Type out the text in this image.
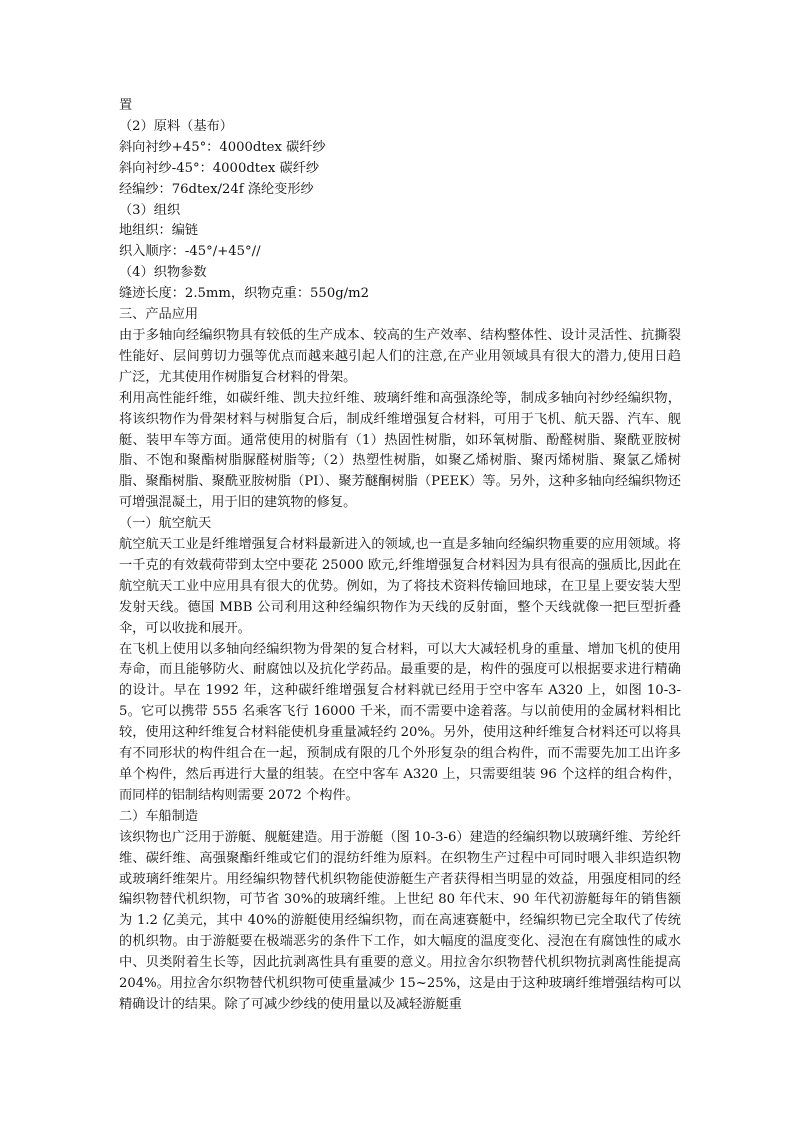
置
（2）原料（基布）
斜向衬纱+45°：4000dtex 碳纤纱
斜向衬纱-45°：4000dtex 碳纤纱
经编纱：76dtex/24f 涤纶变形纱
（3）组织
地组织：编链
织入顺序：-45°/+45°//
（4）织物参数
缝迹长度：2.5mm，织物克重：550g/m2
三、产品应用
由于多轴向经编织物具有较低的生产成本、较高的生产效率、结构整体性、设计灵活性、抗撕裂性能好、层间剪切力强等优点而越来越引起人们的注意,在产业用领域具有很大的潜力,使用日趋广泛，尤其使用作树脂复合材料的骨架。
利用高性能纤维，如碳纤维、凯夫拉纤维、玻璃纤维和高强涤纶等，制成多轴向衬纱经编织物，将该织物作为骨架材料与树脂复合后，制成纤维增强复合材料，可用于飞机、航天器、汽车、舰艇、装甲车等方面。通常使用的树脂有（1）热固性树脂，如环氧树脂、酚醛树脂、聚酰亚胺树脂、不饱和聚酯树脂脲醛树脂等;（2）热塑性树脂，如聚乙烯树脂、聚丙烯树脂、聚氯乙烯树脂、聚酯树脂、聚酰亚胺树脂（PI）、聚芳醚酮树脂（PEEK）等。另外，这种多轴向经编织物还可增强混凝土，用于旧的建筑物的修复。
（一）航空航天
航空航天工业是纤维增强复合材料最新进入的领域,也一直是多轴向经编织物重要的应用领域。将一千克的有效载荷带到太空中要花 25000 欧元,纤维增强复合材料因为具有很高的强质比,因此在航空航天工业中应用具有很大的优势。例如，为了将技术资料传输回地球，在卫星上要安装大型发射天线。德国 MBB 公司利用这种经编织物作为天线的反射面，整个天线就像一把巨型折叠伞，可以收拢和展开。
在飞机上使用以多轴向经编织物为骨架的复合材料，可以大大减轻机身的重量、增加飞机的使用寿命，而且能够防火、耐腐蚀以及抗化学药品。最重要的是，构件的强度可以根据要求进行精确的设计。早在 1992 年，这种碳纤维增强复合材料就已经用于空中客车 A320 上，如图 10-3-5。它可以携带 555 名乘客飞行 16000 千米，而不需要中途着落。与以前使用的金属材料相比较，使用这种纤维复合材料能使机身重量减轻约 20%。另外，使用这种纤维复合材料还可以将具有不同形状的构件组合在一起，预制成有限的几个外形复杂的组合构件，而不需要先加工出许多单个构件，然后再进行大量的组装。在空中客车 A320 上，只需要组装 96 个这样的组合构件，而同样的铝制结构则需要 2072 个构件。
二）车船制造
该织物也广泛用于游艇、舰艇建造。用于游艇（图 10-3-6）建造的经编织物以玻璃纤维、芳纶纤维、碳纤维、高强聚酯纤维或它们的混纺纤维为原料。在织物生产过程中可同时喂入非织造织物或玻璃纤维架片。用经编织物替代机织物能使游艇生产者获得相当明显的效益，用强度相同的经编织物替代机织物，可节省 30%的玻璃纤维。上世纪 80 年代末、90 年代初游艇每年的销售额为 1.2 亿美元，其中 40%的游艇使用经编织物，而在高速赛艇中，经编织物已完全取代了传统的机织物。由于游艇要在极端恶劣的条件下工作，如大幅度的温度变化、浸泡在有腐蚀性的咸水中、贝类附着生长等，因此抗剥离性具有重要的意义。用拉舍尔织物替代机织物抗剥离性能提高 204%。用拉舍尔织物替代机织物可使重量减少 15~25%，这是由于这种玻璃纤维增强结构可以精确设计的结果。除了可减少纱线的使用量以及减轻游艇重
